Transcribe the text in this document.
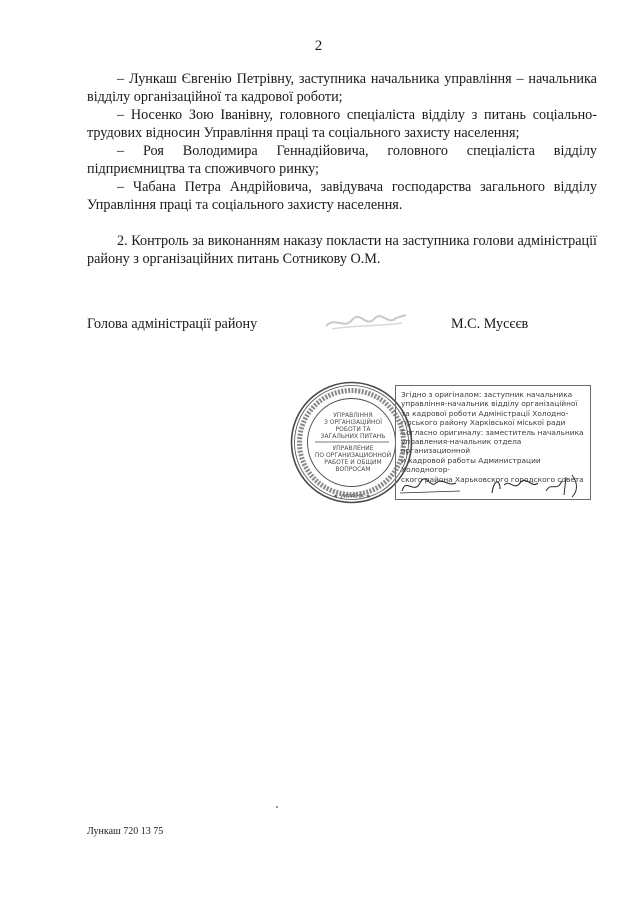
2

– Лункаш Євгенію Петрівну, заступника начальника управління – начальника відділу організаційної та кадрової роботи;

– Носенко Зою Іванівну, головного спеціаліста відділу з питань соціально-трудових відносин Управління праці та соціального захисту населення;

– Роя Володимира Геннадійовича, головного спеціаліста відділу підприємництва та споживчого ринку;

– Чабана Петра Андрійовича, завідувача господарства загального відділу Управління праці та соціального захисту населення.

2. Контроль за виконанням наказу покласти на заступника голови адміністрації району з організаційних питань Сотникову О.М.

Голова адміністрації району	М.С. Мусєєв
УПРАВЛІННЯ
З ОРГАНІЗАЦІЙНОЇ
РОБОТИ ТА
ЗАГАЛЬНИХ ПИТАНЬ
УПРАВЛЕНИЕ
ПО ОРГАНИЗАЦИОННОЙ
РАБОТЕ И ОБЩИМ
ВОПРОСАМ
★ УКРАЇНА ★

Згідно з оригіналом: заступник начальника

управління-начальник відділу організаційної

та кадрової роботи Адміністрації Холодно-

гірського району Харківської міської ради

Согласно оригиналу: заместитель начальника

управления-начальник отдела организационной

и кадровой работы Администрации Холодногор-

ского района Харьковского городского совета

Лункаш 720 13 75
